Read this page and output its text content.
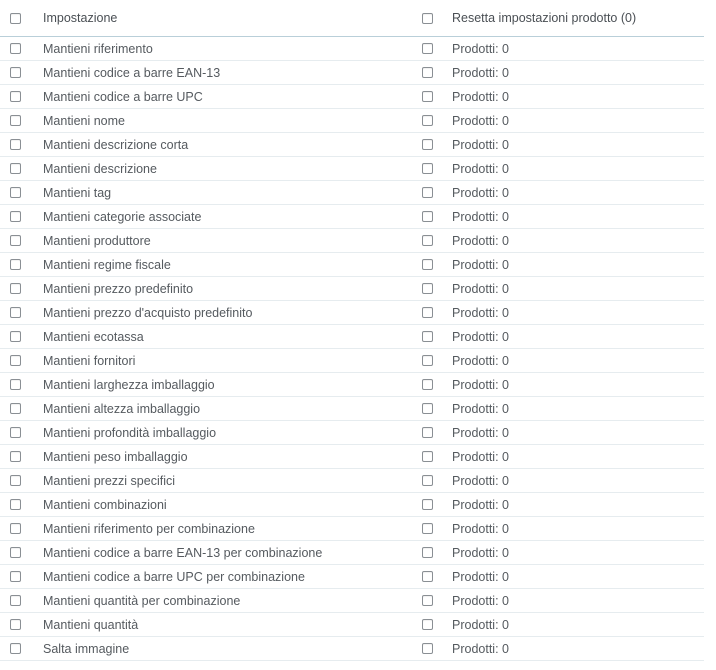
Impostazione	Resetta impostazioni prodotto (0)
Mantieni riferimento	Prodotti: 0
Mantieni codice a barre EAN-13	Prodotti: 0
Mantieni codice a barre UPC	Prodotti: 0
Mantieni nome	Prodotti: 0
Mantieni descrizione corta	Prodotti: 0
Mantieni descrizione	Prodotti: 0
Mantieni tag	Prodotti: 0
Mantieni categorie associate	Prodotti: 0
Mantieni produttore	Prodotti: 0
Mantieni regime fiscale	Prodotti: 0
Mantieni prezzo predefinito	Prodotti: 0
Mantieni prezzo d'acquisto predefinito	Prodotti: 0
Mantieni ecotassa	Prodotti: 0
Mantieni fornitori	Prodotti: 0
Mantieni larghezza imballaggio	Prodotti: 0
Mantieni altezza imballaggio	Prodotti: 0
Mantieni profondità imballaggio	Prodotti: 0
Mantieni peso imballaggio	Prodotti: 0
Mantieni prezzi specifici	Prodotti: 0
Mantieni combinazioni	Prodotti: 0
Mantieni riferimento per combinazione	Prodotti: 0
Mantieni codice a barre EAN-13 per combinazione	Prodotti: 0
Mantieni codice a barre UPC per combinazione	Prodotti: 0
Mantieni quantità per combinazione	Prodotti: 0
Mantieni quantità	Prodotti: 0
Salta immagine	Prodotti: 0
